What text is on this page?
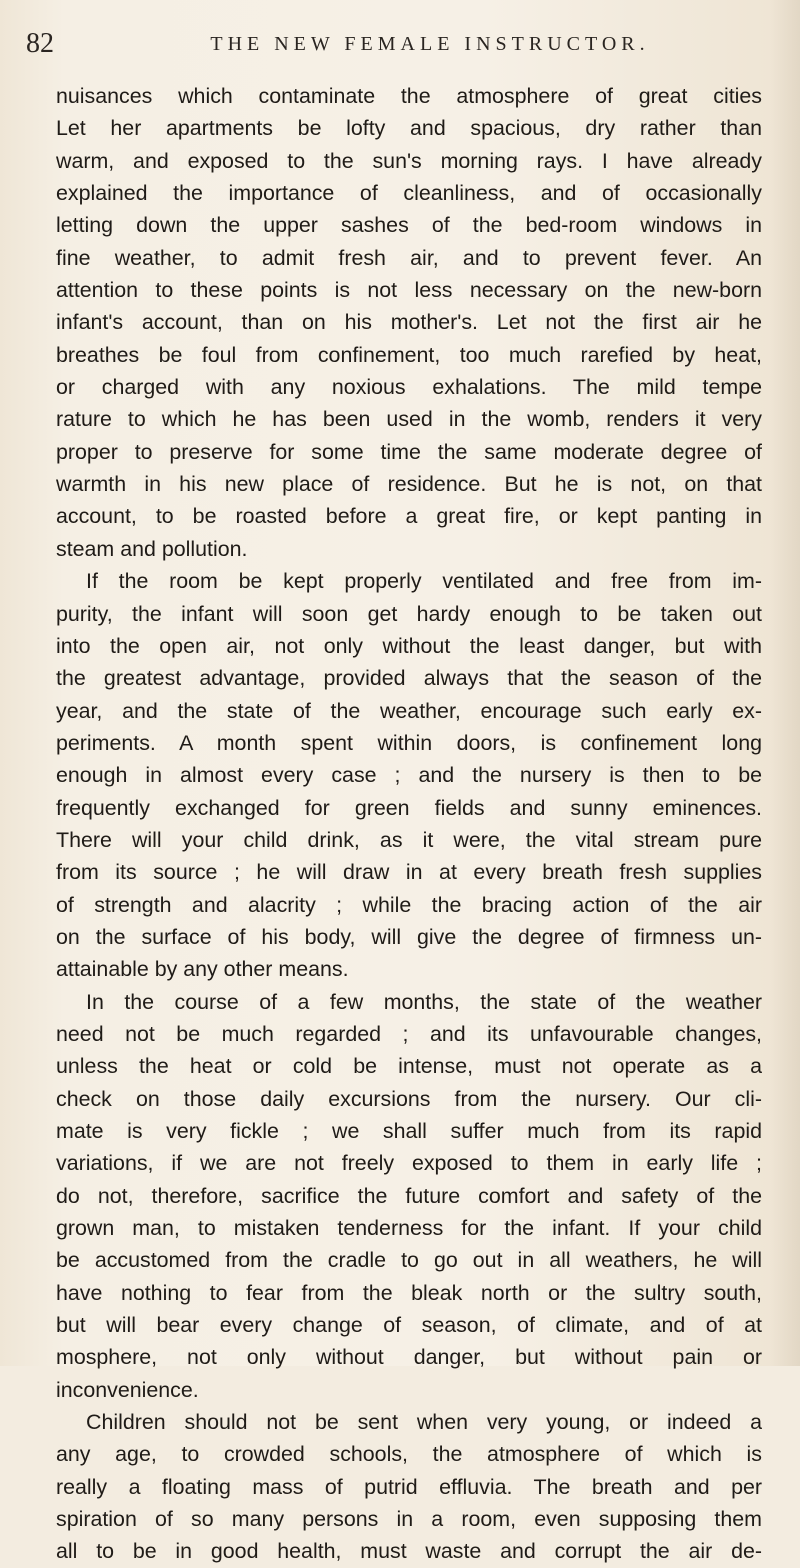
82	THE NEW FEMALE INSTRUCTOR.
nuisances which contaminate the atmosphere of great cities
Let her apartments be lofty and spacious, dry rather than
warm, and exposed to the sun's morning rays. I have already
explained the importance of cleanliness, and of occasionally
letting down the upper sashes of the bed-room windows in
fine weather, to admit fresh air, and to prevent fever. An
attention to these points is not less necessary on the new-born
infant's account, than on his mother's. Let not the first air he
breathes be foul from confinement, too much rarefied by heat,
or charged with any noxious exhalations. The mild tempe
rature to which he has been used in the womb, renders it very
proper to preserve for some time the same moderate degree of
warmth in his new place of residence. But he is not, on that
account, to be roasted before a great fire, or kept panting in
steam and pollution.
If the room be kept properly ventilated and free from im-
purity, the infant will soon get hardy enough to be taken out
into the open air, not only without the least danger, but with
the greatest advantage, provided always that the season of the
year, and the state of the weather, encourage such early ex-
periments. A month spent within doors, is confinement long
enough in almost every case ; and the nursery is then to be
frequently exchanged for green fields and sunny eminences.
There will your child drink, as it were, the vital stream pure
from its source ; he will draw in at every breath fresh supplies
of strength and alacrity ; while the bracing action of the air
on the surface of his body, will give the degree of firmness un-
attainable by any other means.
In the course of a few months, the state of the weather
need not be much regarded ; and its unfavourable changes,
unless the heat or cold be intense, must not operate as a
check on those daily excursions from the nursery. Our cli-
mate is very fickle ; we shall suffer much from its rapid
variations, if we are not freely exposed to them in early life ;
do not, therefore, sacrifice the future comfort and safety of the
grown man, to mistaken tenderness for the infant. If your child
be accustomed from the cradle to go out in all weathers, he will
have nothing to fear from the bleak north or the sultry south,
but will bear every change of season, of climate, and of at
mosphere, not only without danger, but without pain or
inconvenience.
Children should not be sent when very young, or indeed a
any age, to crowded schools, the atmosphere of which is
really a floating mass of putrid effluvia. The breath and per
spiration of so many persons in a room, even supposing them
all to be in good health, must waste and corrupt the air de-
